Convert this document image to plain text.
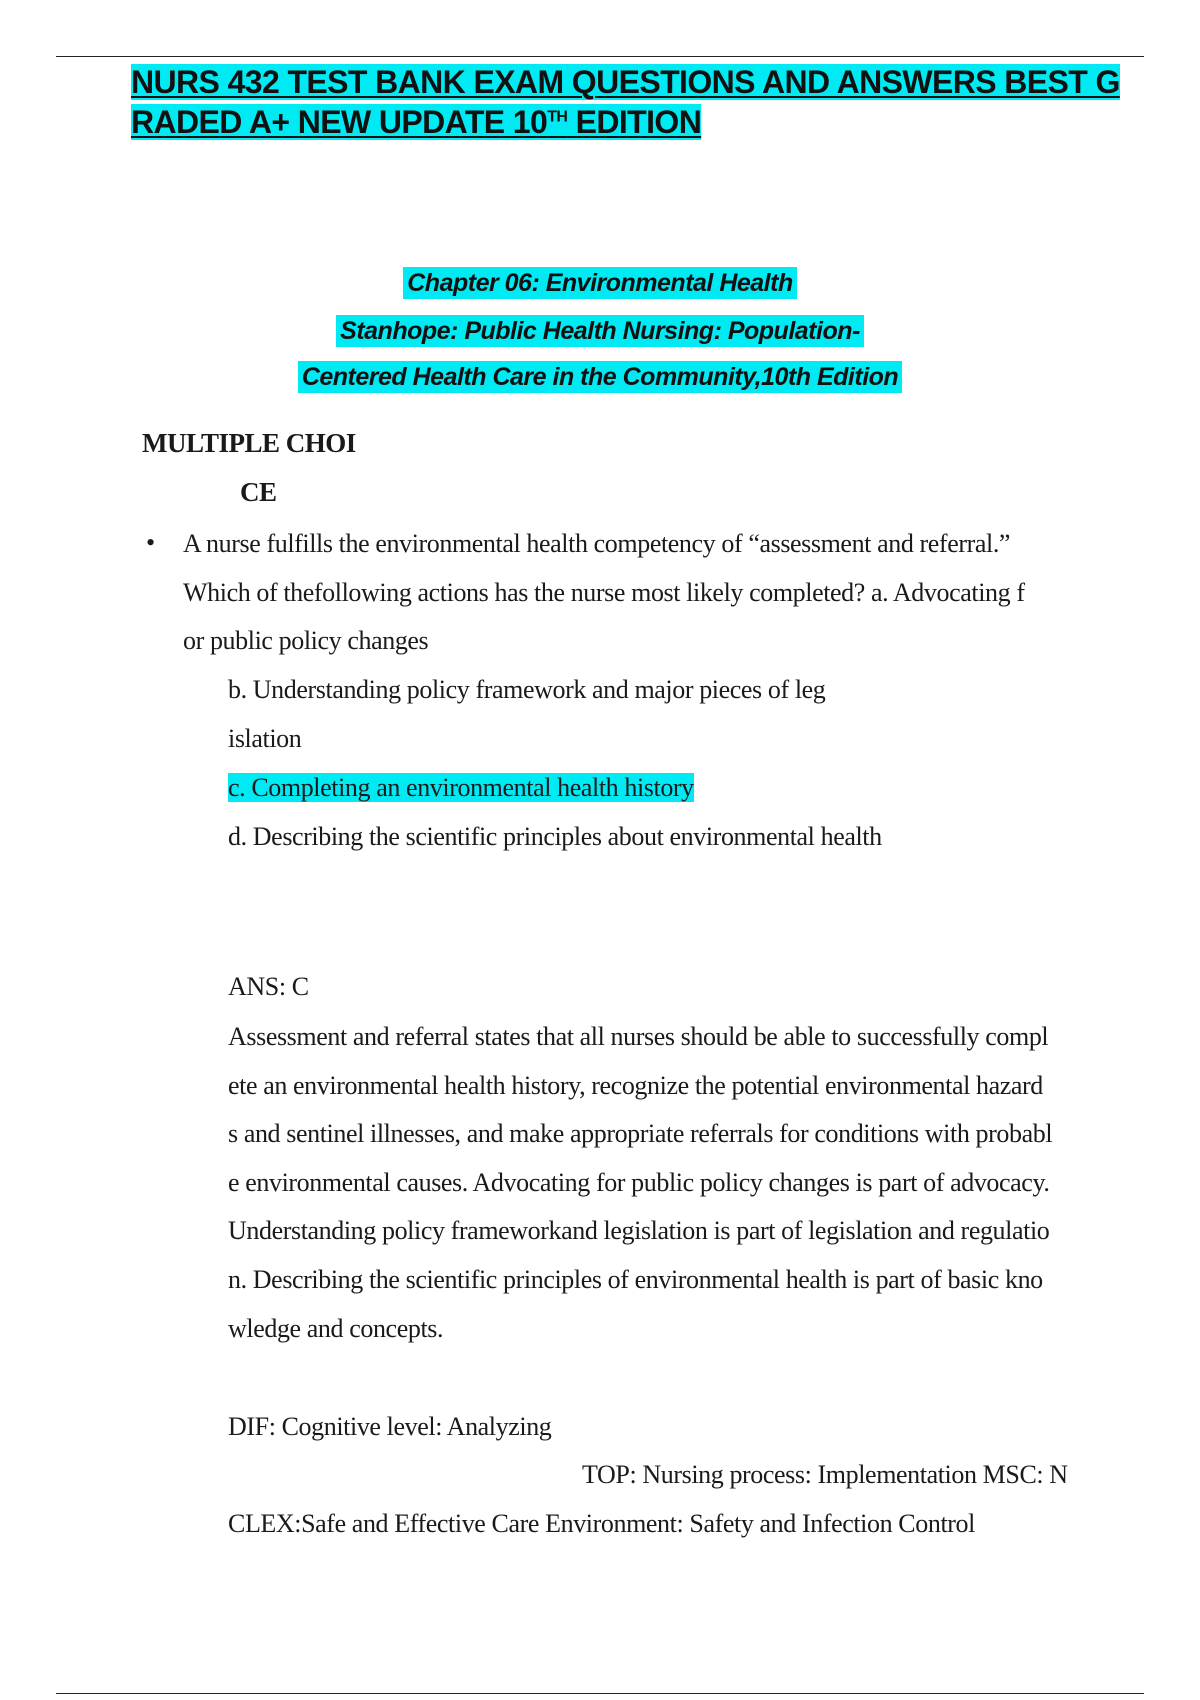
NURS 432 TEST BANK EXAM QUESTIONS AND ANSWERS BEST G
RADED A+ NEW UPDATE 10TH EDITION
Chapter 06: Environmental Health
Stanhope: Public Health Nursing: Population-
Centered Health Care in the Community,10th Edition
MULTIPLE CHOI
CE
• A nurse fulfills the environmental health competency of “assessment and referral.”
Which of thefollowing actions has the nurse most likely completed? a. Advocating f
or public policy changes
b. Understanding policy framework and major pieces of leg
islation
c. Completing an environmental health history
d. Describing the scientific principles about environmental health
ANS: C
Assessment and referral states that all nurses should be able to successfully compl
ete an environmental health history, recognize the potential environmental hazard
s and sentinel illnesses, and make appropriate referrals for conditions with probabl
e environmental causes. Advocating for public policy changes is part of advocacy.
Understanding policy frameworkand legislation is part of legislation and regulatio
n. Describing the scientific principles of environmental health is part of basic kno
wledge and concepts.
DIF: Cognitive level: Analyzing
TOP: Nursing process: Implementation MSC: N
CLEX:Safe and Effective Care Environment: Safety and Infection Control
